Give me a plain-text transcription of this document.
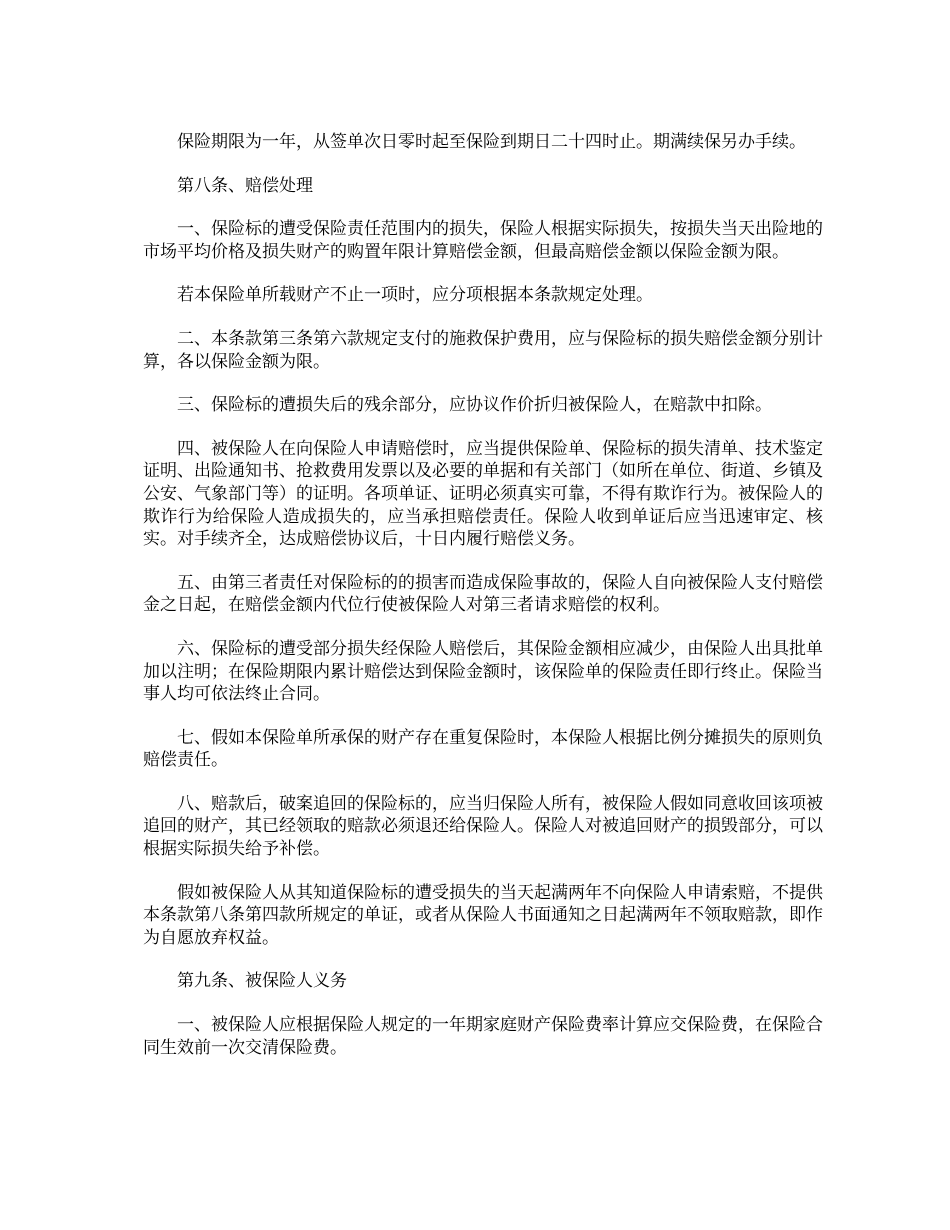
保险期限为一年，从签单次日零时起至保险到期日二十四时止。期满续保另办手续。

第八条、赔偿处理

一、保险标的遭受保险责任范围内的损失，保险人根据实际损失，按损失当天出险地的市场平均价格及损失财产的购置年限计算赔偿金额，但最高赔偿金额以保险金额为限。

若本保险单所载财产不止一项时，应分项根据本条款规定处理。

二、本条款第三条第六款规定支付的施救保护费用，应与保险标的损失赔偿金额分别计算，各以保险金额为限。

三、保险标的遭损失后的残余部分，应协议作价折归被保险人，在赔款中扣除。

四、被保险人在向保险人申请赔偿时，应当提供保险单、保险标的损失清单、技术鉴定证明、出险通知书、抢救费用发票以及必要的单据和有关部门（如所在单位、街道、乡镇及公安、气象部门等）的证明。各项单证、证明必须真实可靠，不得有欺诈行为。被保险人的欺诈行为给保险人造成损失的，应当承担赔偿责任。保险人收到单证后应当迅速审定、核实。对手续齐全，达成赔偿协议后，十日内履行赔偿义务。

五、由第三者责任对保险标的的损害而造成保险事故的，保险人自向被保险人支付赔偿金之日起，在赔偿金额内代位行使被保险人对第三者请求赔偿的权利。

六、保险标的遭受部分损失经保险人赔偿后，其保险金额相应减少，由保险人出具批单加以注明；在保险期限内累计赔偿达到保险金额时，该保险单的保险责任即行终止。保险当事人均可依法终止合同。

七、假如本保险单所承保的财产存在重复保险时，本保险人根据比例分摊损失的原则负赔偿责任。

八、赔款后，破案追回的保险标的，应当归保险人所有，被保险人假如同意收回该项被追回的财产，其已经领取的赔款必须退还给保险人。保险人对被追回财产的损毁部分，可以根据实际损失给予补偿。

假如被保险人从其知道保险标的遭受损失的当天起满两年不向保险人申请索赔，不提供本条款第八条第四款所规定的单证，或者从保险人书面通知之日起满两年不领取赔款，即作为自愿放弃权益。

第九条、被保险人义务

一、被保险人应根据保险人规定的一年期家庭财产保险费率计算应交保险费，在保险合同生效前一次交清保险费。
